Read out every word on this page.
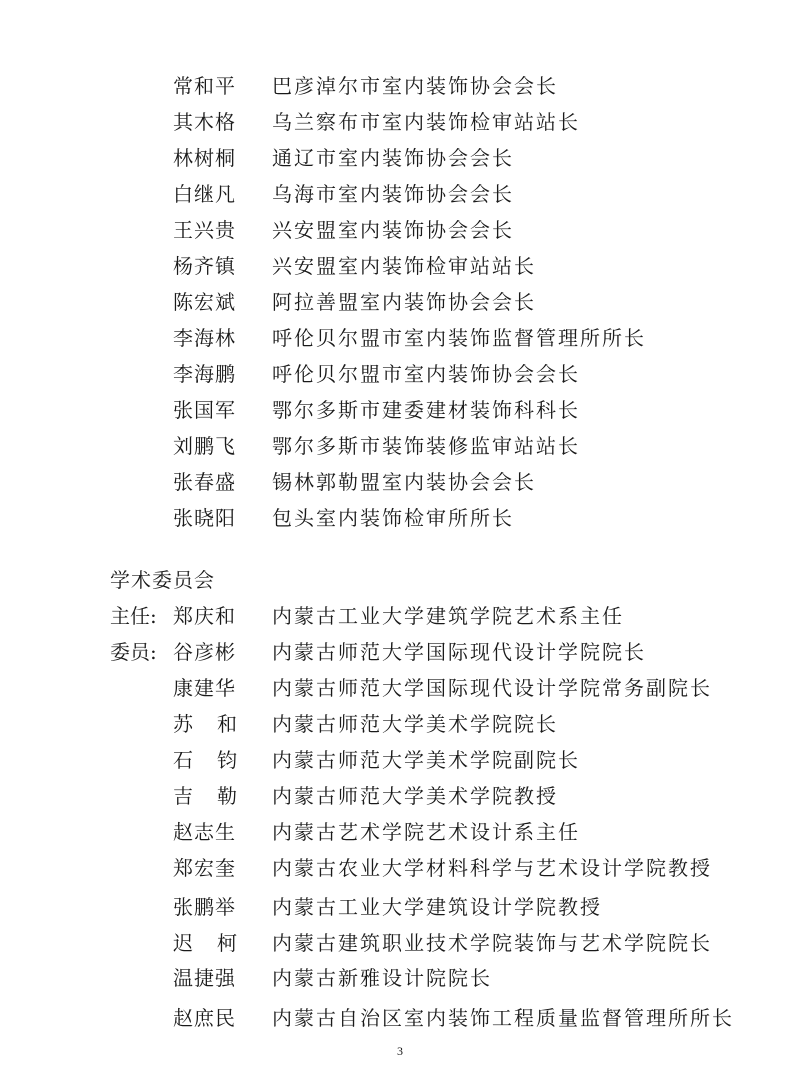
常和平 巴彦淖尔市室内装饰协会会长
其木格 乌兰察布市室内装饰检审站站长
林树桐 通辽市室内装饰协会会长
白继凡 乌海市室内装饰协会会长
王兴贵 兴安盟室内装饰协会会长
杨齐镇 兴安盟室内装饰检审站站长
陈宏斌 阿拉善盟室内装饰协会会长
李海林 呼伦贝尔盟市室内装饰监督管理所所长
李海鹏 呼伦贝尔盟市室内装饰协会会长
张国军 鄂尔多斯市建委建材装饰科科长
刘鹏飞 鄂尔多斯市装饰装修监审站站长
张春盛 锡林郭勒盟室内装协会会长
张晓阳 包头室内装饰检审所所长
学术委员会
主任: 郑庆和 内蒙古工业大学建筑学院艺术系主任
委员: 谷彦彬 内蒙古师范大学国际现代设计学院院长
康建华 内蒙古师范大学国际现代设计学院常务副院长
苏和 内蒙古师范大学美术学院院长
石钧 内蒙古师范大学美术学院副院长
吉勒 内蒙古师范大学美术学院教授
赵志生 内蒙古艺术学院艺术设计系主任
郑宏奎 内蒙古农业大学材料科学与艺术设计学院教授
张鹏举 内蒙古工业大学建筑设计学院教授
迟柯 内蒙古建筑职业技术学院装饰与艺术学院院长
温捷强 内蒙古新雅设计院院长
赵庶民 内蒙古自治区室内装饰工程质量监督管理所所长
3
